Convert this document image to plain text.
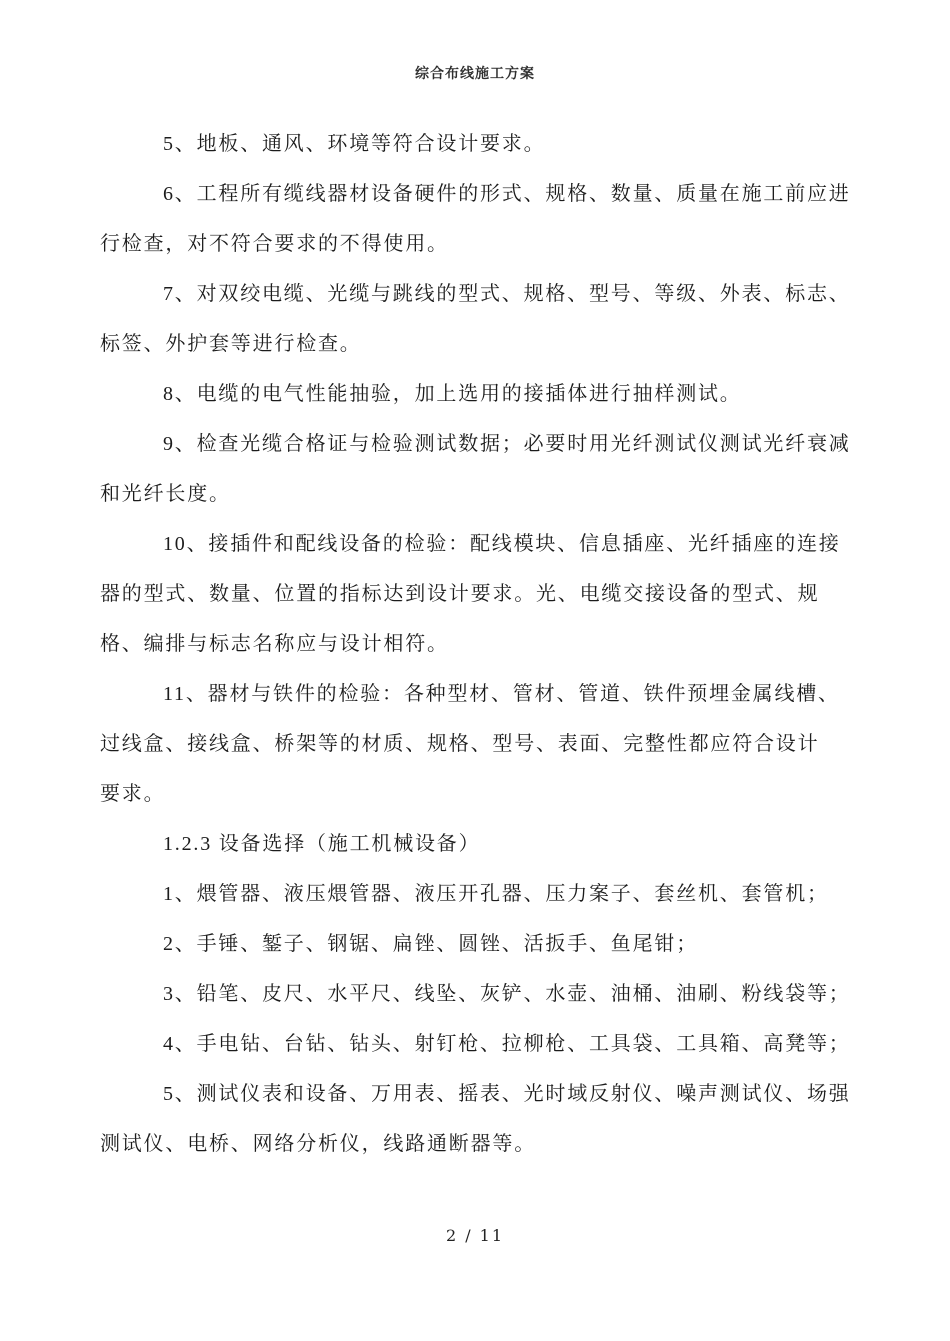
综合布线施工方案
5、地板、通风、环境等符合设计要求。
6、工程所有缆线器材设备硬件的形式、规格、数量、质量在施工前应进
行检查，对不符合要求的不得使用。
7、对双绞电缆、光缆与跳线的型式、规格、型号、等级、外表、标志、
标签、外护套等进行检查。
8、电缆的电气性能抽验，加上选用的接插体进行抽样测试。
9、检查光缆合格证与检验测试数据；必要时用光纤测试仪测试光纤衰减
和光纤长度。
10、接插件和配线设备的检验：配线模块、信息插座、光纤插座的连接
器的型式、数量、位置的指标达到设计要求。光、电缆交接设备的型式、规
格、编排与标志名称应与设计相符。
11、器材与铁件的检验：各种型材、管材、管道、铁件预埋金属线槽、
过线盒、接线盒、桥架等的材质、规格、型号、表面、完整性都应符合设计
要求。
1.2.3 设备选择（施工机械设备）
1、煨管器、液压煨管器、液压开孔器、压力案子、套丝机、套管机；
2、手锤、錾子、钢锯、扁锉、圆锉、活扳手、鱼尾钳；
3、铅笔、皮尺、水平尺、线坠、灰铲、水壶、油桶、油刷、粉线袋等；
4、手电钻、台钻、钻头、射钉枪、拉柳枪、工具袋、工具箱、高凳等；
5、测试仪表和设备、万用表、摇表、光时域反射仪、噪声测试仪、场强
测试仪、电桥、网络分析仪，线路通断器等。
2 / 11
